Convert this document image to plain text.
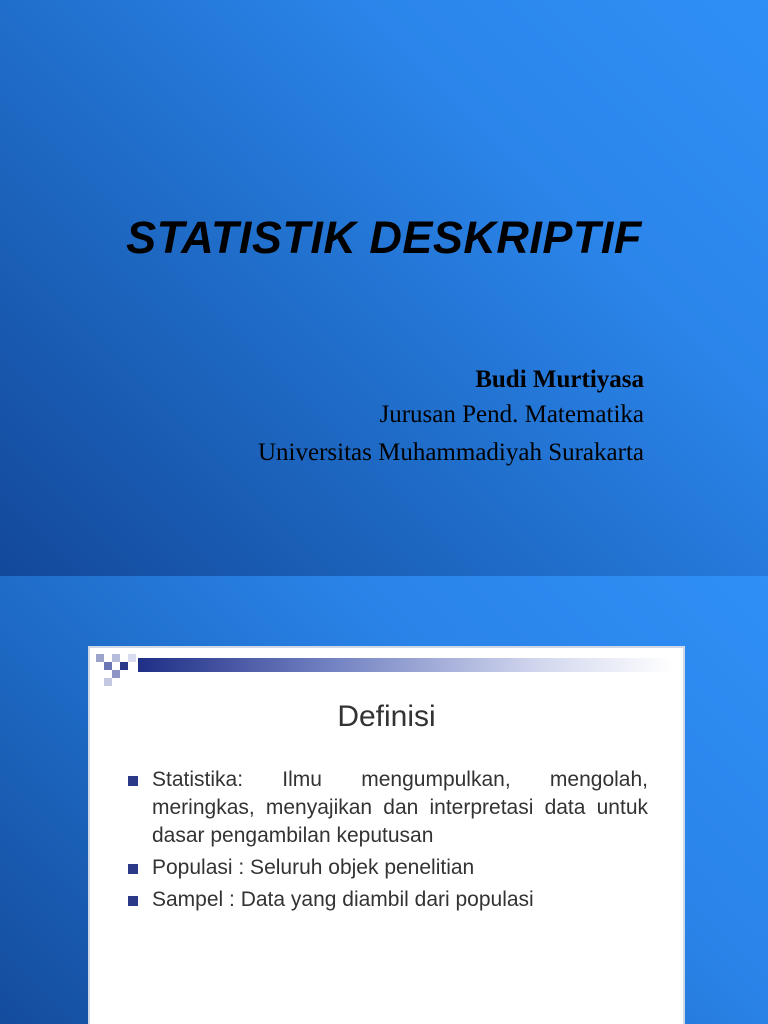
STATISTIK DESKRIPTIF
Budi Murtiyasa
Jurusan Pend. Matematika
Universitas Muhammadiyah Surakarta
Definisi
Statistika: Ilmu mengumpulkan, mengolah, meringkas, menyajikan dan interpretasi data untuk dasar pengambilan keputusan
Populasi : Seluruh objek penelitian
Sampel : Data yang diambil dari populasi
